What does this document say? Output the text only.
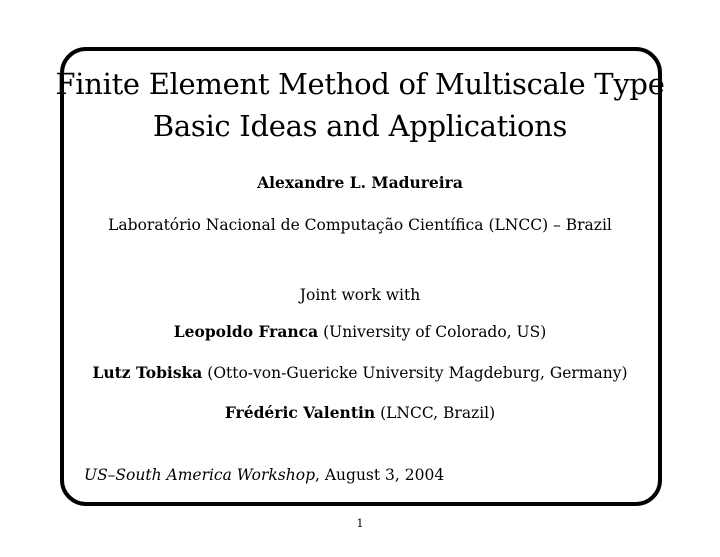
Finite Element Method of Multiscale Type
Basic Ideas and Applications
Alexandre L. Madureira
Laboratório Nacional de Computação Científica (LNCC) – Brazil
Joint work with
Leopoldo Franca (University of Colorado, US)
Lutz Tobiska (Otto-von-Guericke University Magdeburg, Germany)
Frédéric Valentin (LNCC, Brazil)
US–South America Workshop, August 3, 2004
1
